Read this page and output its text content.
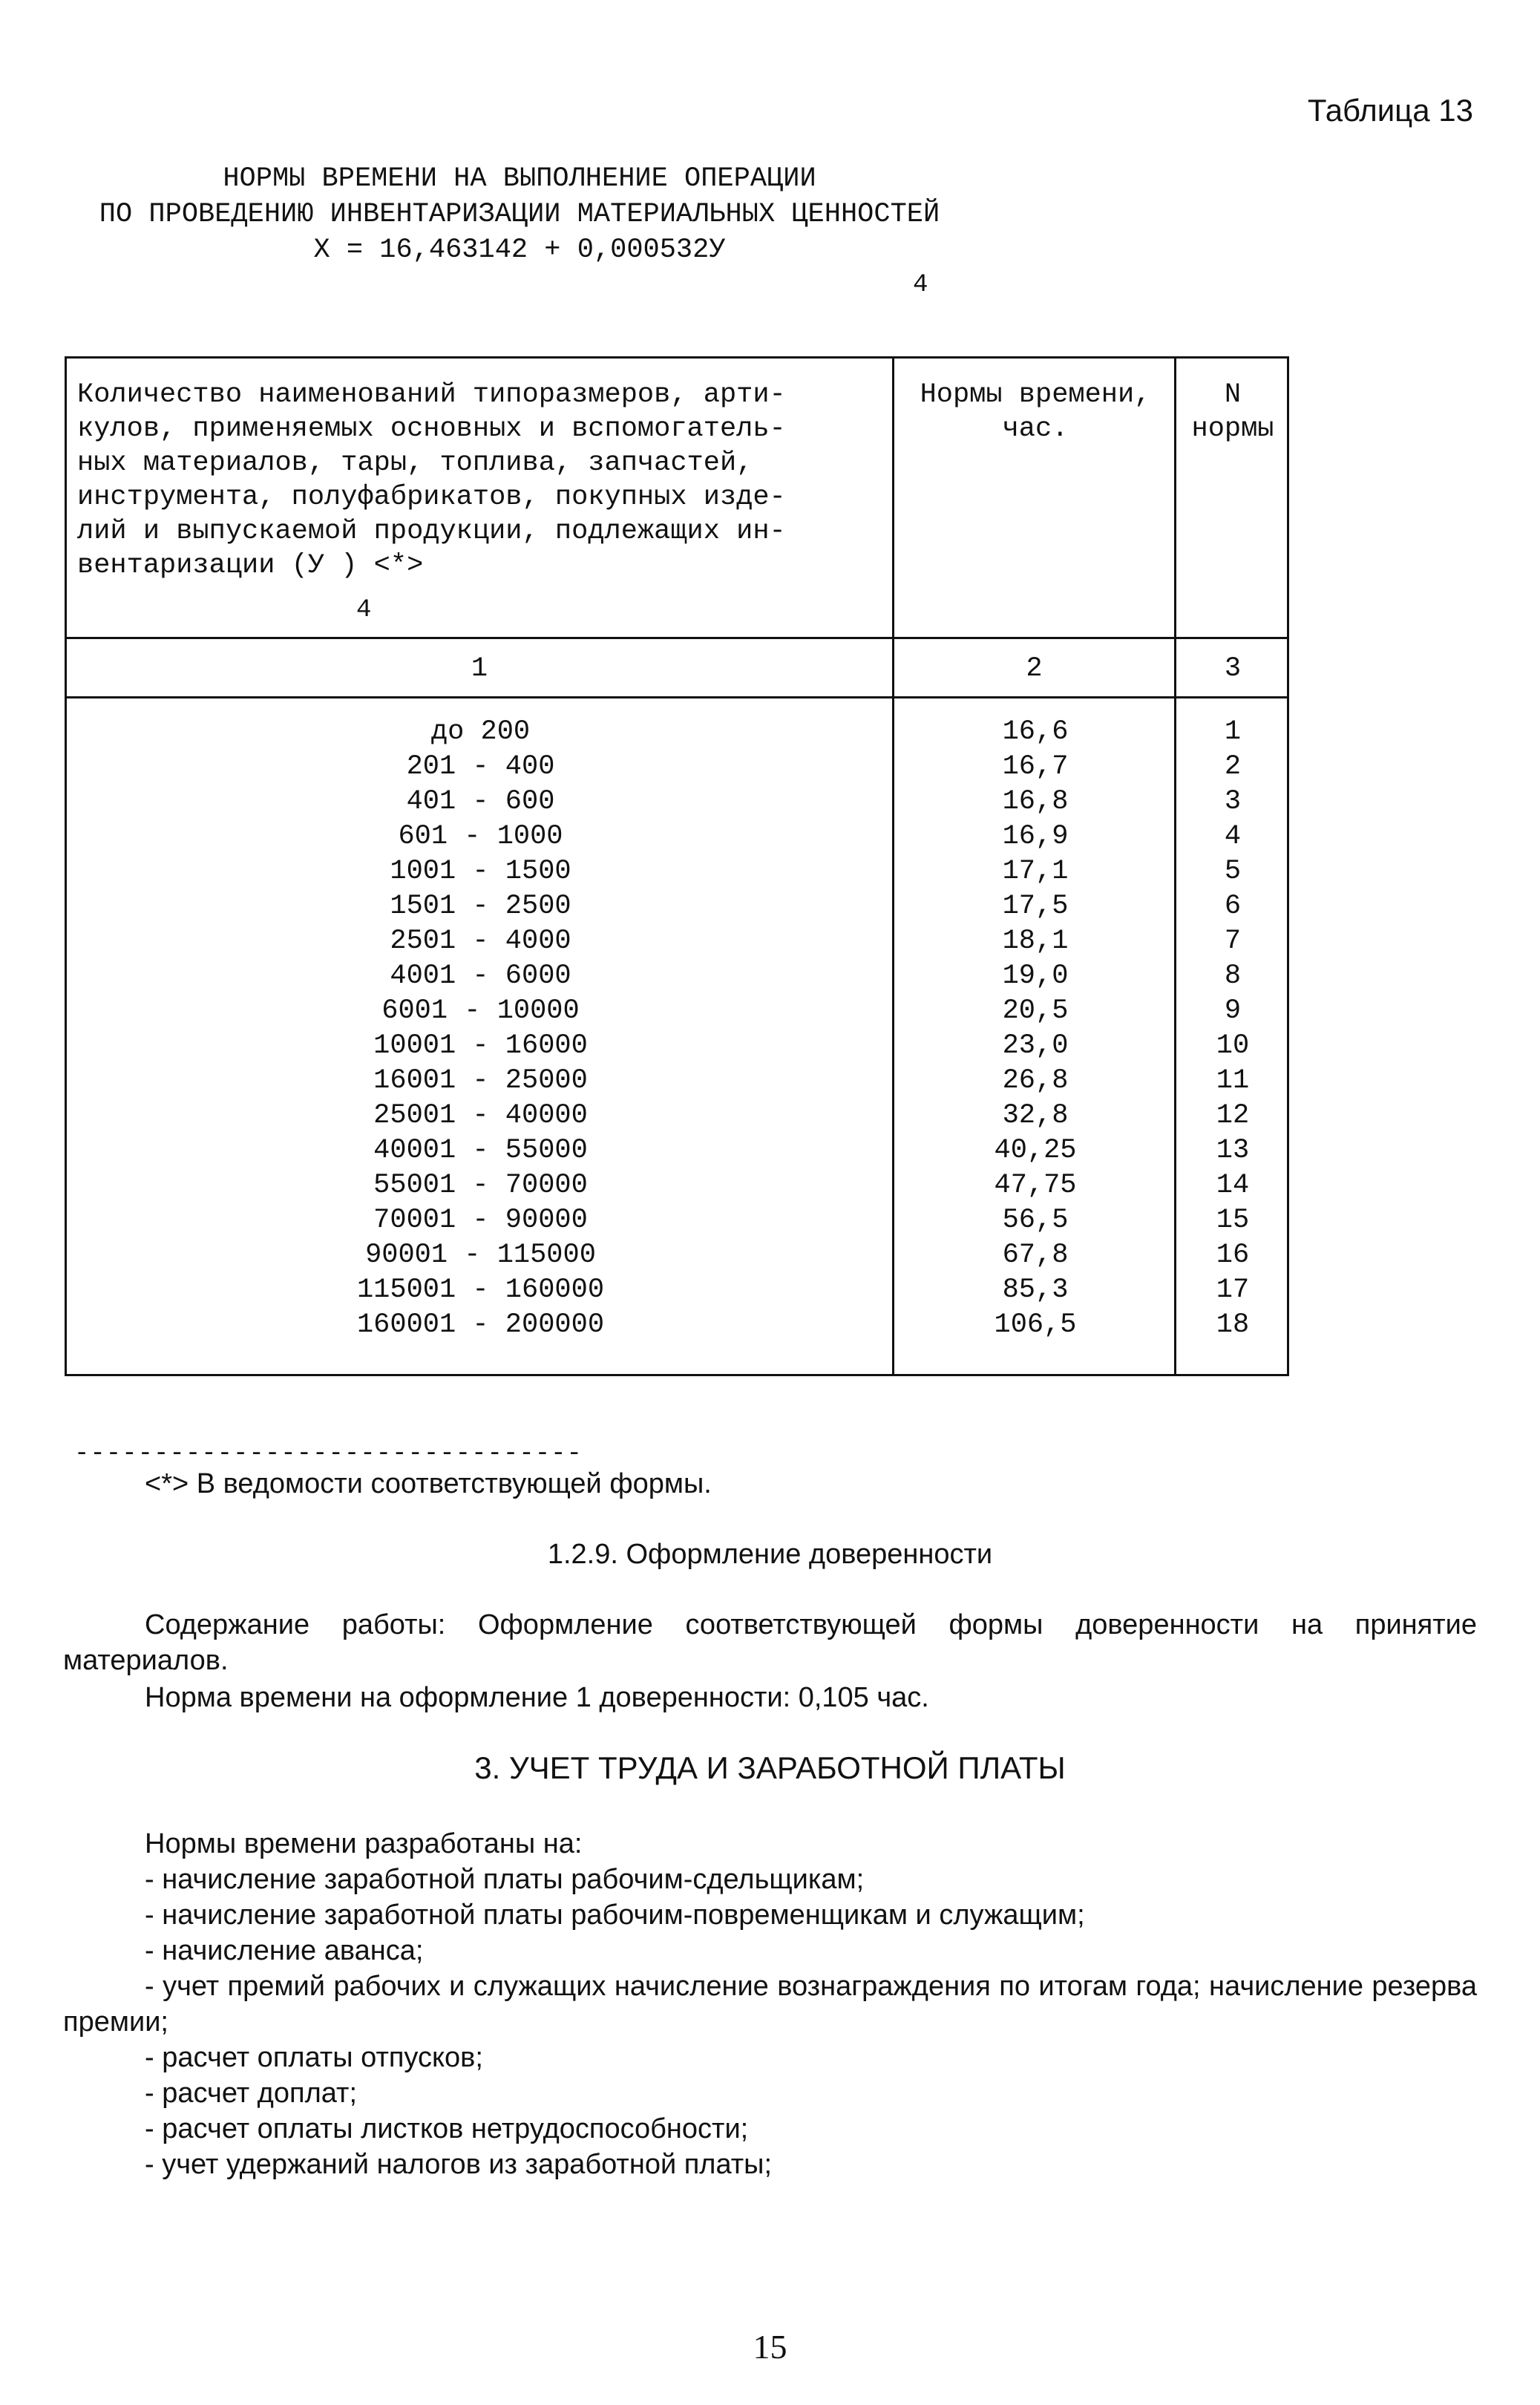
Таблица 13
НОРМЫ ВРЕМЕНИ НА ВЫПОЛНЕНИЕ ОПЕРАЦИИ
ПО ПРОВЕДЕНИЮ ИНВЕНТАРИЗАЦИИ МАТЕРИАЛЬНЫХ ЦЕННОСТЕЙ
X = 16,463142 + 0,000532У
4
Количество наименований типоразмеров, арти-
кулов, применяемых основных и вспомогатель-
ных материалов, тары, топлива, запчастей,
инструмента, полуфабрикатов, покупных изде-
лий и выпускаемой продукции, подлежащих ин-
вентаризации (У ) <*>
4
Нормы времени,
час.
N
нормы
1	2	3
до 200
201 - 400
401 - 600
601 - 1000
1001 - 1500
1501 - 2500
2501 - 4000
4001 - 6000
6001 - 10000
10001 - 16000
16001 - 25000
25001 - 40000
40001 - 55000
55001 - 70000
70001 - 90000
90001 - 115000
115001 - 160000
160001 - 200000
16,6
16,7
16,8
16,9
17,1
17,5
18,1
19,0
20,5
23,0
26,8
32,8
40,25
47,75
56,5
67,8
85,3
106,5
1
2
3
4
5
6
7
8
9
10
11
12
13
14
15
16
17
18
--------------------------------
<*> В ведомости соответствующей формы.
1.2.9. Оформление доверенности
Содержание работы: Оформление соответствующей формы доверенности на принятие материалов.
Норма времени на оформление 1 доверенности: 0,105 час.
3. УЧЕТ ТРУДА И ЗАРАБОТНОЙ ПЛАТЫ
Нормы времени разработаны на:
- начисление заработной платы рабочим-сдельщикам;
- начисление заработной платы рабочим-повременщикам и служащим;
- начисление аванса;
- учет премий рабочих и служащих начисление вознаграждения по итогам года; начисление резерва премии;
- расчет оплаты отпусков;
- расчет доплат;
- расчет оплаты листков нетрудоспособности;
- учет удержаний налогов из заработной платы;
15
